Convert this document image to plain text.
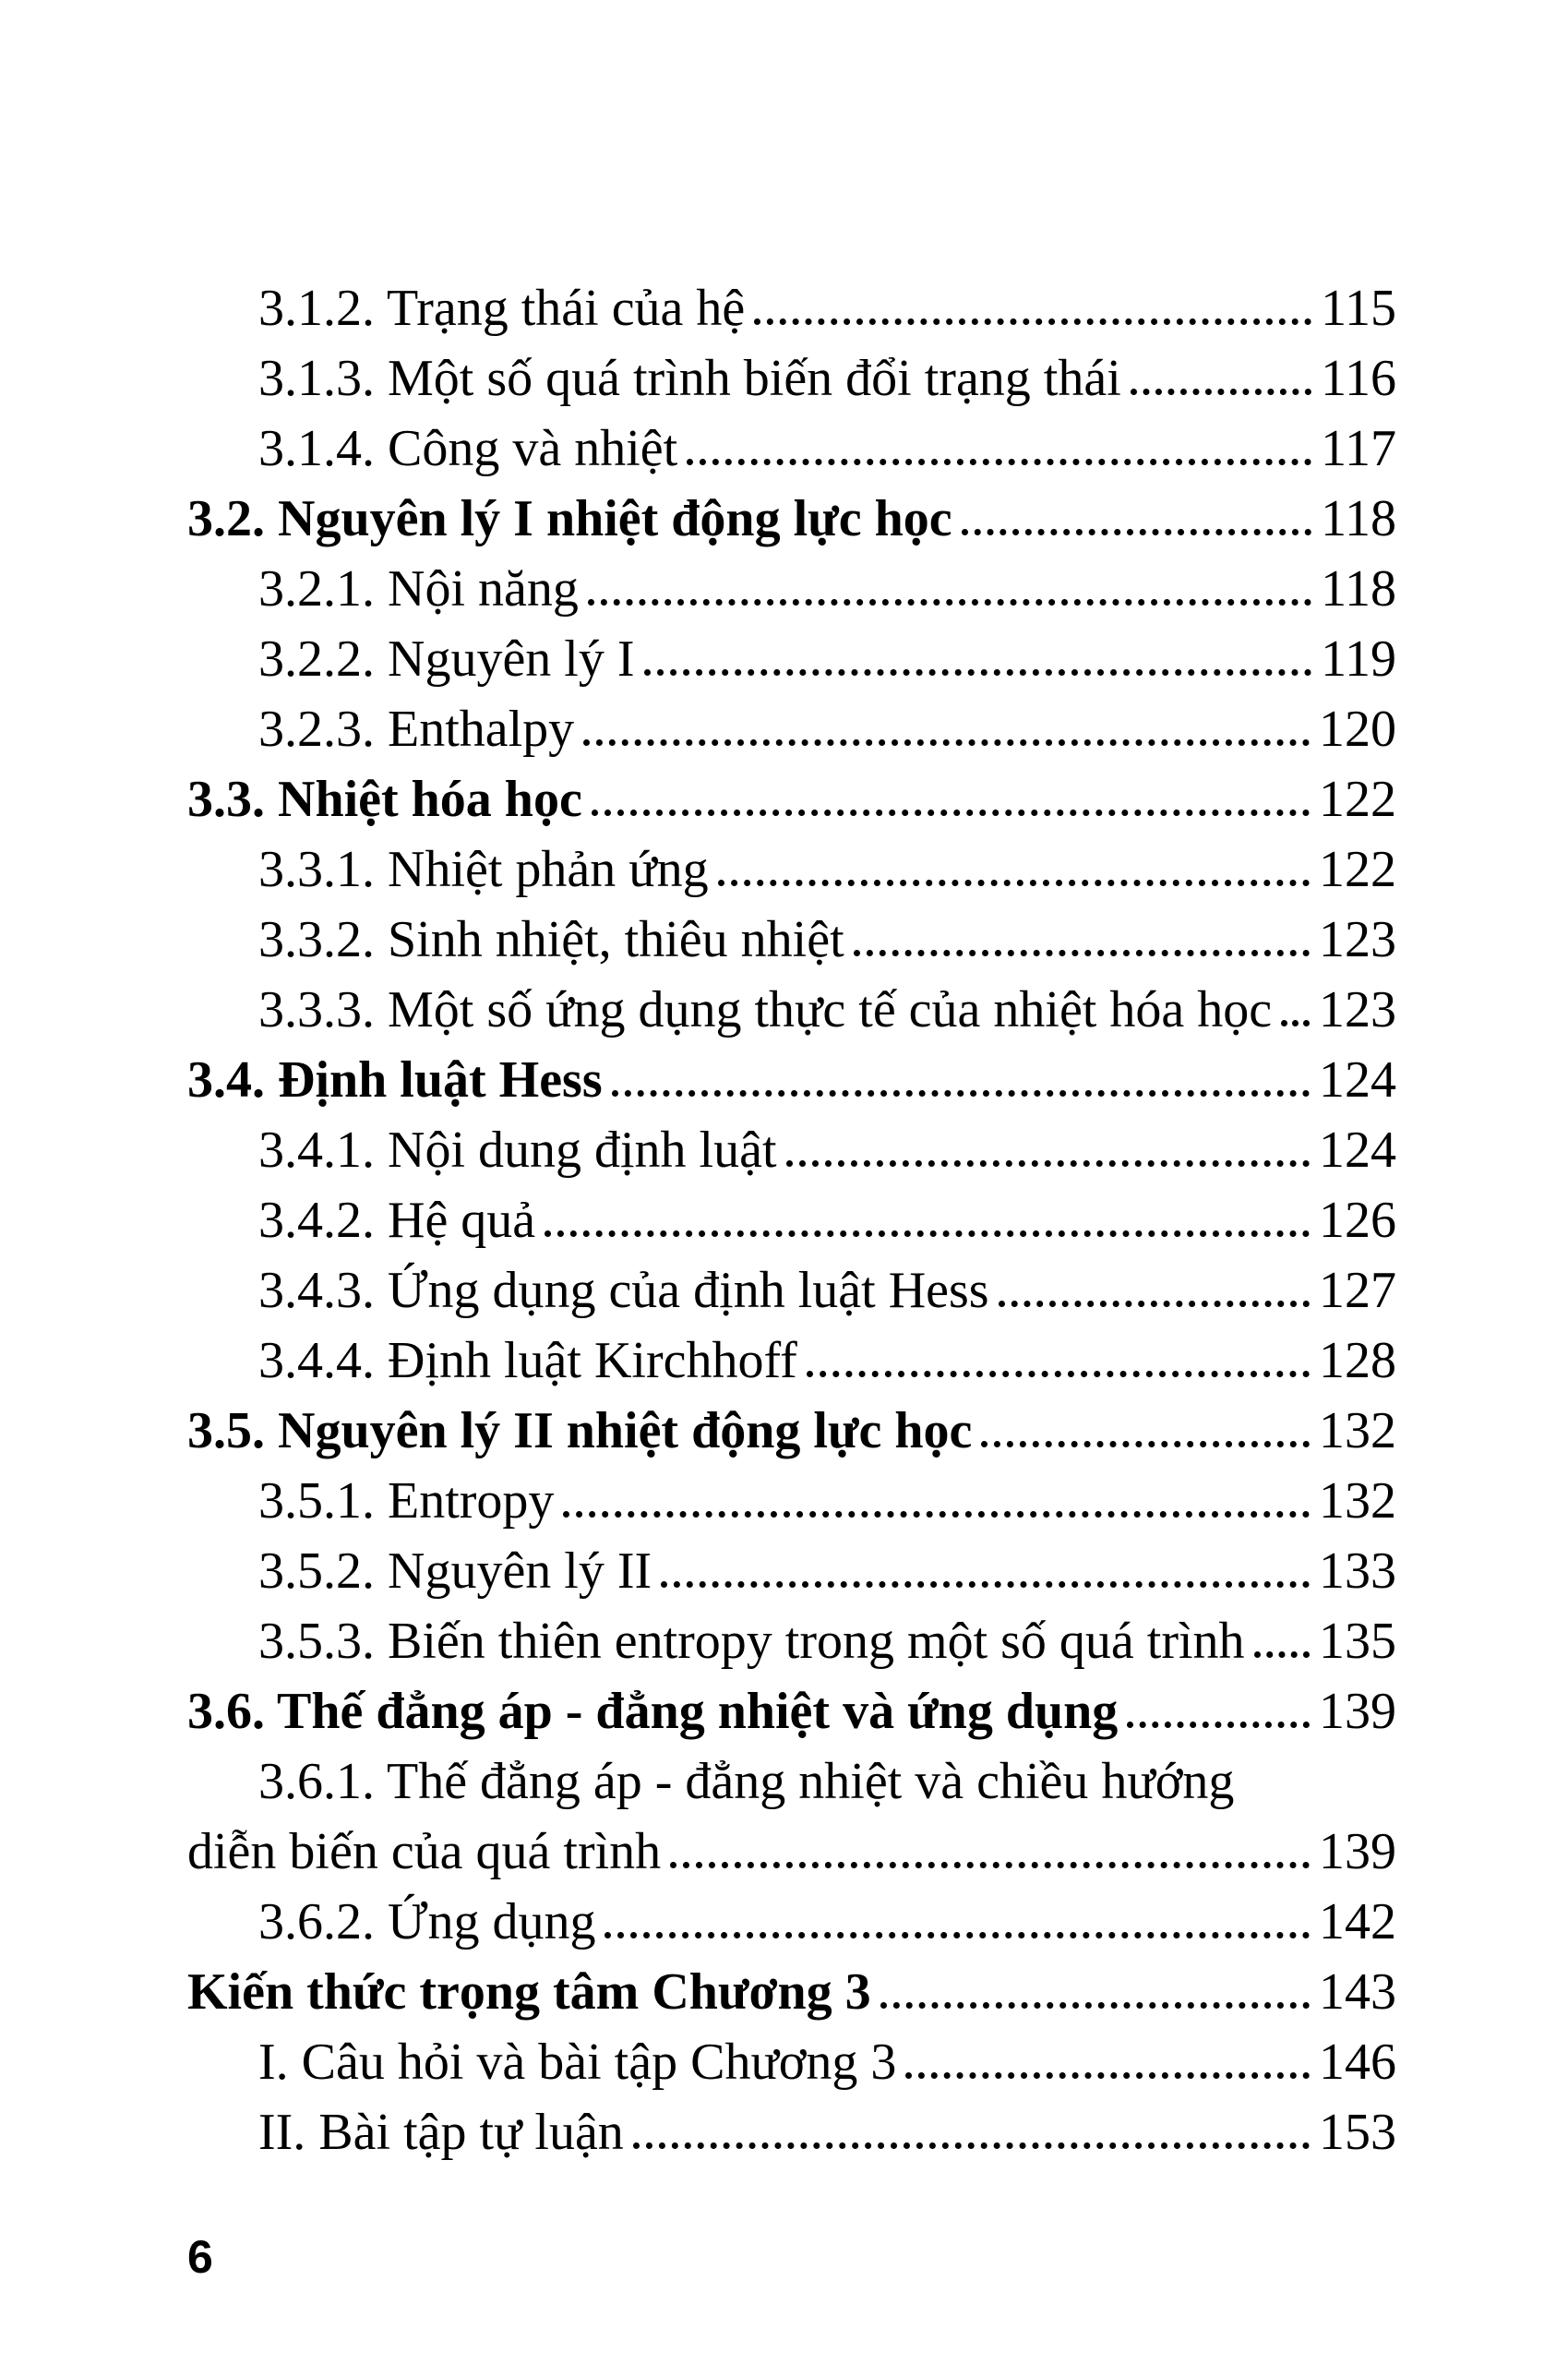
3.1.2. Trạng thái của hệ	115
3.1.3. Một số quá trình biến đổi trạng thái	116
3.1.4. Công và nhiệt	117
3.2. Nguyên lý I nhiệt động lực học	118
3.2.1. Nội năng	118
3.2.2. Nguyên lý I	119
3.2.3. Enthalpy	120
3.3. Nhiệt hóa học	122
3.3.1. Nhiệt phản ứng	122
3.3.2. Sinh nhiệt, thiêu nhiệt	123
3.3.3. Một số ứng dụng thực tế của nhiệt hóa học 123
3.4. Định luật Hess	124
3.4.1. Nội dung định luật	124
3.4.2. Hệ quả	126
3.4.3. Ứng dụng của định luật Hess	127
3.4.4. Định luật Kirchhoff	128
3.5. Nguyên lý II nhiệt động lực học	132
3.5.1. Entropy	132
3.5.2. Nguyên lý II	133
3.5.3. Biến thiên entropy trong một số quá trình 135
3.6. Thế đẳng áp - đẳng nhiệt và ứng dụng	139
3.6.1. Thế đẳng áp - đẳng nhiệt và chiều hướng
diễn biến của quá trình	139
3.6.2. Ứng dụng	142
Kiến thức trọng tâm Chương 3	143
I. Câu hỏi và bài tập Chương 3	146
II. Bài tập tự luận	153
6
